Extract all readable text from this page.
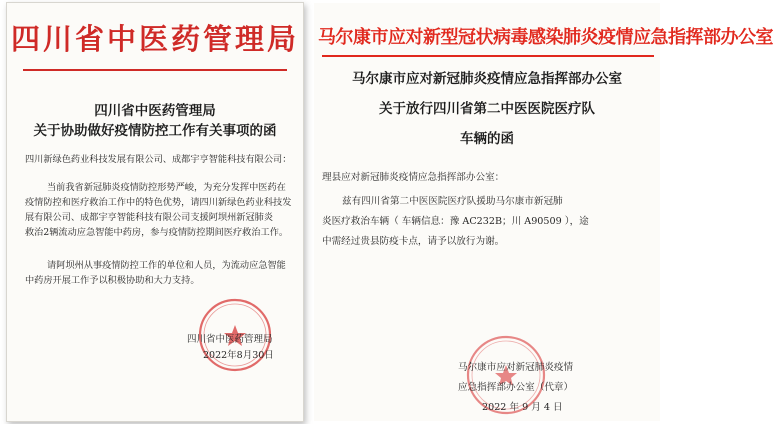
四川省中医药管理局
四川省中医药管理局
关于协助做好疫情防控工作有关事项的函
四川新绿色药业科技发展有限公司、成都宇亨智能科技有限公司：
当前我省新冠肺炎疫情防控形势严峻，为充分发挥中医药在
疫情防控和医疗救治工作中的特色优势，请四川新绿色药业科技发
展有限公司、成都宇亨智能科技有限公司支援阿坝州新冠肺炎
救治2辆流动应急智能中药房，参与疫情防控期间医疗救治工作。
请阿坝州从事疫情防控工作的单位和人员，为流动应急智能
中药房开展工作予以积极协助和大力支持。
四川省中医药管理局
2022年8月30日
马尔康市应对新型冠状病毒感染肺炎疫情应急指挥部办公室
马尔康市应对新冠肺炎疫情应急指挥部办公室
关于放行四川省第二中医医院医疗队
车辆的函
理县应对新冠肺炎疫情应急指挥部办公室：
兹有四川省第二中医医院医疗队援助马尔康市新冠肺
炎医疗救治车辆（ 车辆信息：豫 AC232B；川 A90509 ），途
中需经过贵县防疫卡点，请予以放行为谢。
马尔康市应对新冠肺炎疫情
应急指挥部办公室（代章）
2022 年 9 月 4 日
